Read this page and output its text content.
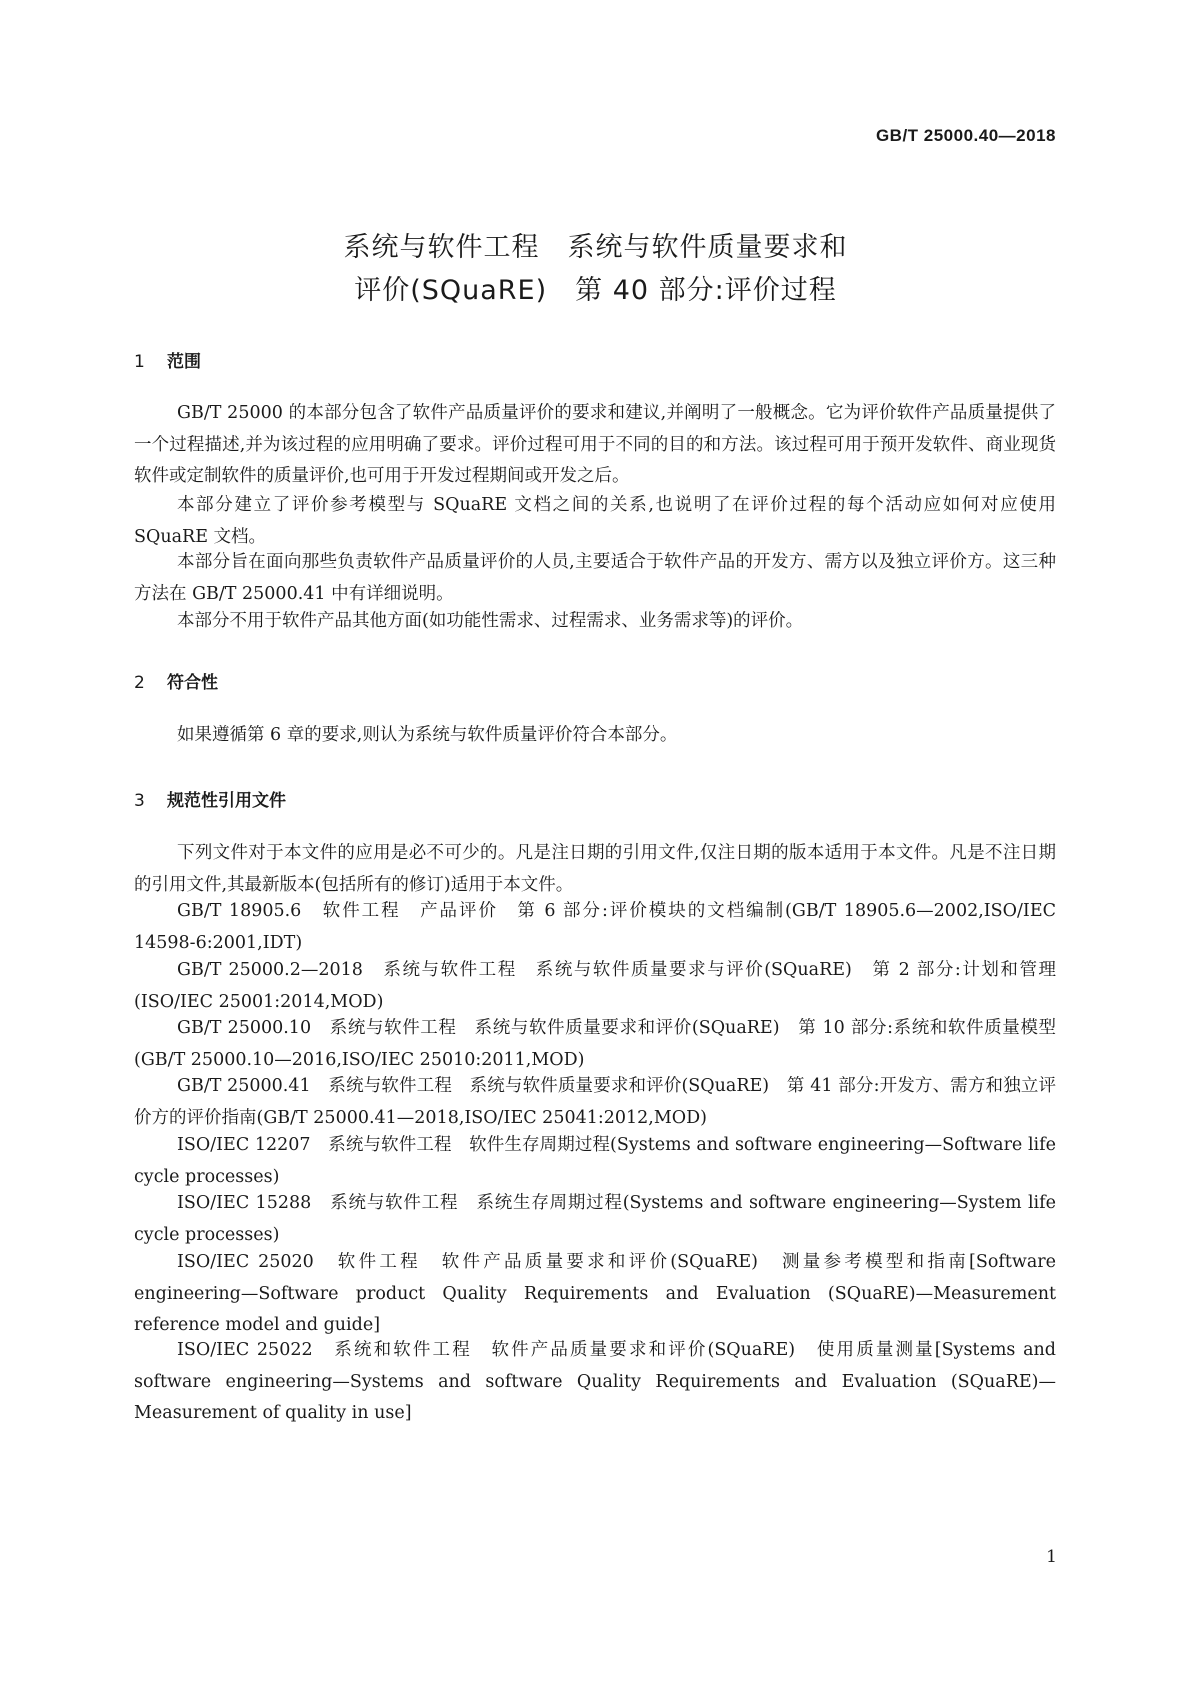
GB/T 25000.40—2018
系统与软件工程　系统与软件质量要求和
评价(SQuaRE)　第 40 部分:评价过程
1 范围

GB/T 25000 的本部分包含了软件产品质量评价的要求和建议,并阐明了一般概念。它为评价软件产品质量提供了一个过程描述,并为该过程的应用明确了要求。评价过程可用于不同的目的和方法。该过程可用于预开发软件、商业现货软件或定制软件的质量评价,也可用于开发过程期间或开发之后。

本部分建立了评价参考模型与 SQuaRE 文档之间的关系,也说明了在评价过程的每个活动应如何对应使用 SQuaRE 文档。

本部分旨在面向那些负责软件产品质量评价的人员,主要适合于软件产品的开发方、需方以及独立评价方。这三种方法在 GB/T 25000.41 中有详细说明。

本部分不用于软件产品其他方面(如功能性需求、过程需求、业务需求等)的评价。

2 符合性

如果遵循第 6 章的要求,则认为系统与软件质量评价符合本部分。

3 规范性引用文件

下列文件对于本文件的应用是必不可少的。凡是注日期的引用文件,仅注日期的版本适用于本文件。凡是不注日期的引用文件,其最新版本(包括所有的修订)适用于本文件。

GB/T 18905.6　软件工程　产品评价　第 6 部分:评价模块的文档编制(GB/T 18905.6—2002,ISO/IEC 14598-6:2001,IDT)

GB/T 25000.2—2018　系统与软件工程　系统与软件质量要求与评价(SQuaRE)　第 2 部分:计划和管理(ISO/IEC 25001:2014,MOD)

GB/T 25000.10　系统与软件工程　系统与软件质量要求和评价(SQuaRE)　第 10 部分:系统和软件质量模型(GB/T 25000.10—2016,ISO/IEC 25010:2011,MOD)

GB/T 25000.41　系统与软件工程　系统与软件质量要求和评价(SQuaRE)　第 41 部分:开发方、需方和独立评价方的评价指南(GB/T 25000.41—2018,ISO/IEC 25041:2012,MOD)

ISO/IEC 12207　系统与软件工程　软件生存周期过程(Systems and software engineering—Software life cycle processes)

ISO/IEC 15288　系统与软件工程　系统生存周期过程(Systems and software engineering—System life cycle processes)

ISO/IEC 25020　软件工程　软件产品质量要求和评价(SQuaRE)　测量参考模型和指南[Software engineering—Software product Quality Requirements and Evaluation (SQuaRE)—Measurement reference model and guide]

ISO/IEC 25022　系统和软件工程　软件产品质量要求和评价(SQuaRE)　使用质量测量[Systems and software engineering—Systems and software Quality Requirements and Evaluation (SQuaRE)—Measurement of quality in use]

1
